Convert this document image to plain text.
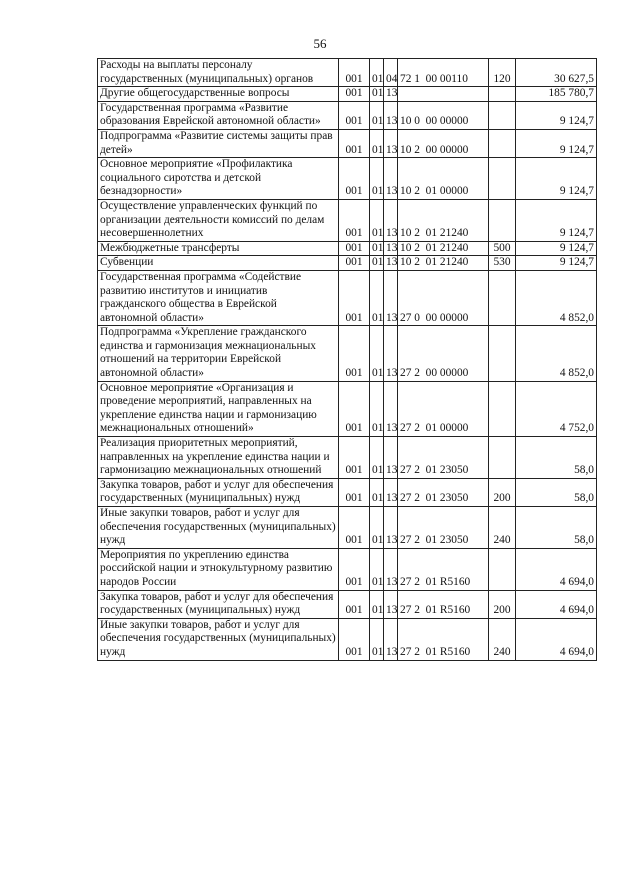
56
Расходы на выплаты персоналу государственных (муниципальных) органов	001	01	04	72 1  00 00110	120	30 627,5
Другие общегосударственные вопросы	001	01	13			185 780,7
Государственная программа «Развитие образования Еврейской автономной области»	001	01	13	10 0  00 00000		9 124,7
Подпрограмма «Развитие системы защиты прав детей»	001	01	13	10 2  00 00000		9 124,7
Основное мероприятие «Профилактика социального сиротства и детской безнадзорности»	001	01	13	10 2  01 00000		9 124,7
Осуществление управленческих функций по организации деятельности комиссий по делам несовершеннолетних	001	01	13	10 2  01 21240		9 124,7
Межбюджетные трансферты	001	01	13	10 2  01 21240	500	9 124,7
Субвенции	001	01	13	10 2  01 21240	530	9 124,7
Государственная программа «Содействие развитию институтов и инициатив гражданского общества в Еврейской автономной области»	001	01	13	27 0  00 00000		4 852,0
Подпрограмма «Укрепление гражданского единства и гармонизация межнациональных отношений на территории Еврейской автономной области»	001	01	13	27 2  00 00000		4 852,0
Основное мероприятие «Организация и проведение мероприятий, направленных на укрепление единства нации и гармонизацию межнациональных отношений»	001	01	13	27 2  01 00000		4 752,0
Реализация приоритетных мероприятий, направленных на укрепление единства нации и гармонизацию межнациональных отношений	001	01	13	27 2  01 23050		58,0
Закупка товаров, работ и услуг для обеспечения государственных (муниципальных) нужд	001	01	13	27 2  01 23050	200	58,0
Иные закупки товаров, работ и услуг для обеспечения государственных (муниципальных) нужд	001	01	13	27 2  01 23050	240	58,0
Мероприятия по укреплению единства российской нации и этнокультурному развитию народов России	001	01	13	27 2  01 R5160		4 694,0
Закупка товаров, работ и услуг для обеспечения государственных (муниципальных) нужд	001	01	13	27 2  01 R5160	200	4 694,0
Иные закупки товаров, работ и услуг для обеспечения государственных (муниципальных) нужд	001	01	13	27 2  01 R5160	240	4 694,0
